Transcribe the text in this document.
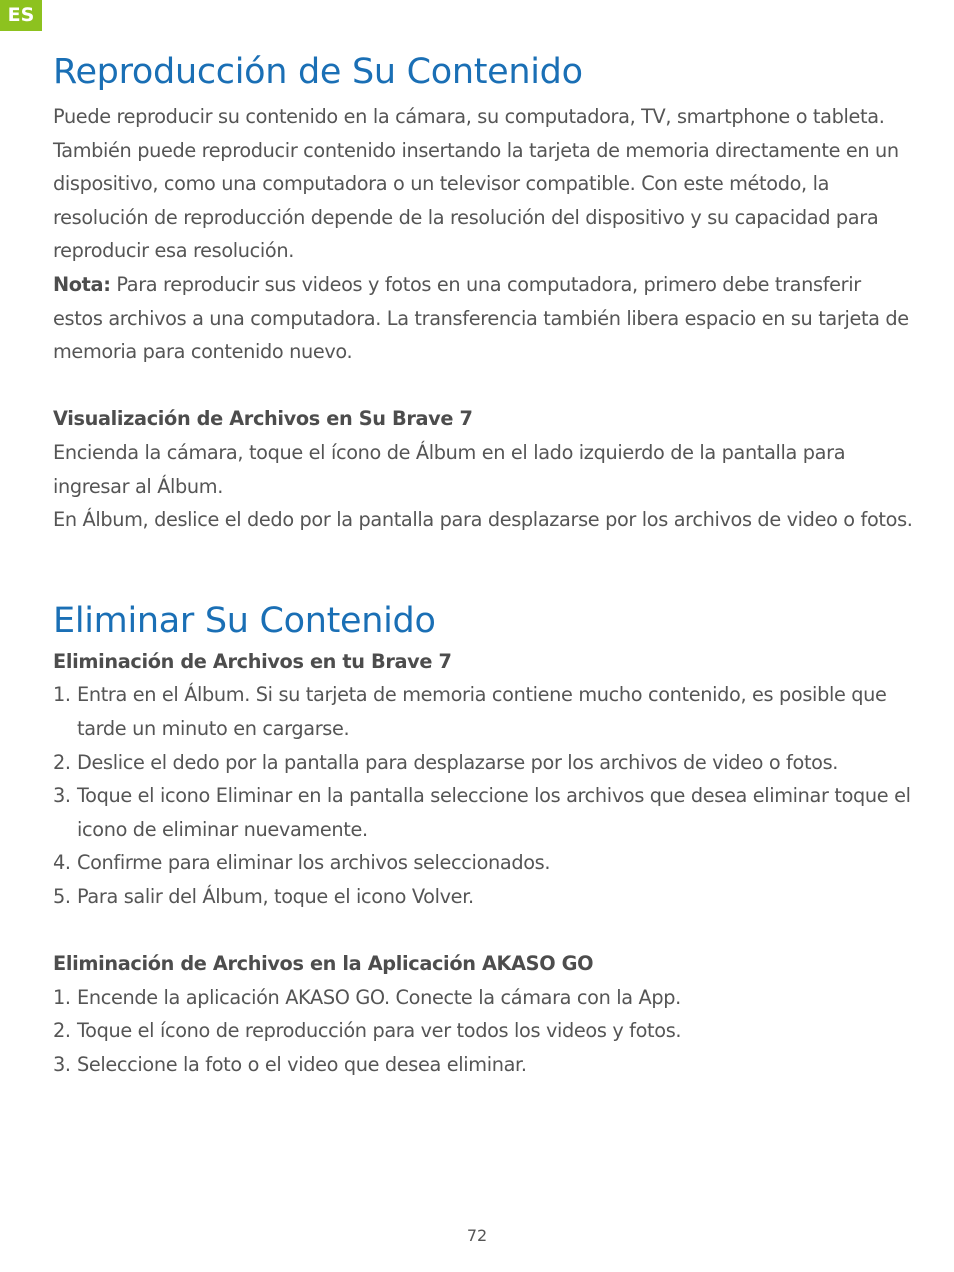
ES
Reproducción de Su Contenido

Puede reproducir su contenido en la cámara, su computadora, TV, smartphone o tableta. También puede reproducir contenido insertando la tarjeta de memoria directamente en un dispositivo, como una computadora o un televisor compatible. Con este método, la resolución de reproducción depende de la resolución del dispositivo y su capacidad para reproducir esa resolución.

Nota: Para reproducir sus videos y fotos en una computadora, primero debe transferir estos archivos a una computadora. La transferencia también libera espacio en su tarjeta de memoria para contenido nuevo.

Visualización de Archivos en Su Brave 7

Encienda la cámara, toque el ícono de Álbum en el lado izquierdo de la pantalla para ingresar al Álbum.

En Álbum, deslice el dedo por la pantalla para desplazarse por los archivos de video o fotos.

Eliminar Su Contenido
Eliminación de Archivos en tu Brave 7
1. Entra en el Álbum. Si su tarjeta de memoria contiene mucho contenido, es posible que tarde un minuto en cargarse.
2. Deslice el dedo por la pantalla para desplazarse por los archivos de video o fotos.
3. Toque el icono Eliminar en la pantalla seleccione los archivos que desea eliminar toque el icono de eliminar nuevamente.
4. Confirme para eliminar los archivos seleccionados.
5. Para salir del Álbum, toque el icono Volver.
Eliminación de Archivos en la Aplicación AKASO GO
1. Encende la aplicación AKASO GO. Conecte la cámara con la App.
2. Toque el ícono de reproducción para ver todos los videos y fotos.
3. Seleccione la foto o el video que desea eliminar.
72
